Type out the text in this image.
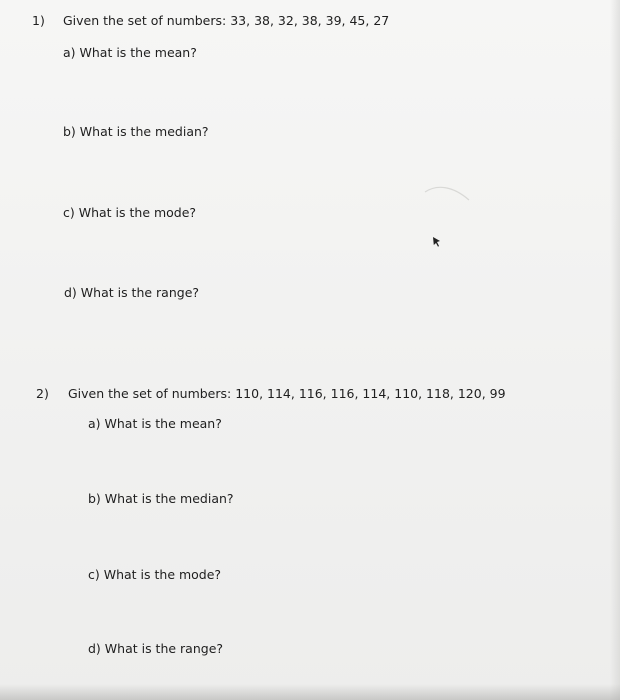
1) Given the set of numbers: 33, 38, 32, 38, 39, 45, 27
a) What is the mean?
b) What is the median?
c) What is the mode?
d) What is the range?
2) Given the set of numbers: 110, 114, 116, 116, 114, 110, 118, 120, 99
a) What is the mean?
b) What is the median?
c) What is the mode?
d) What is the range?
